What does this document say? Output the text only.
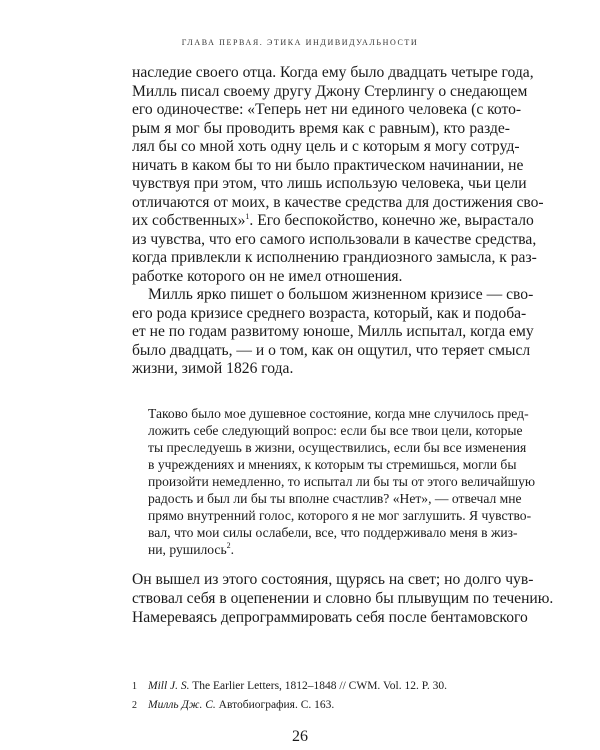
ГЛАВА ПЕРВАЯ. ЭТИКА ИНДИВИДУАЛЬНОСТИ
наследие своего отца. Когда ему было двадцать четыре года,
Милль писал своему другу Джону Стерлингу о снедающем
его одиночестве: «Теперь нет ни единого человека (с кото-
рым я мог бы проводить время как с равным), кто разде-
лял бы со мной хоть одну цель и с которым я могу сотруд-
ничать в каком бы то ни было практическом начинании, не
чувствуя при этом, что лишь использую человека, чьи цели
отличаются от моих, в качестве средства для достижения сво-
их собственных»$^1$. Его беспокойство, конечно же, вырастало
из чувства, что его самого использовали в качестве средства,
когда привлекли к исполнению грандиозного замысла, к раз-
работке которого он не имел отношения.
Милль ярко пишет о большом жизненном кризисе — сво-
его рода кризисе среднего возраста, который, как и подоба-
ет не по годам развитому юноше, Милль испытал, когда ему
было двадцать, — и о том, как он ощутил, что теряет смысл
жизни, зимой 1826 года.
Таково было мое душевное состояние, когда мне случилось пред-
ложить себе следующий вопрос: если бы все твои цели, которые
ты преследуешь в жизни, осуществились, если бы все изменения
в учреждениях и мнениях, к которым ты стремишься, могли бы
произойти немедленно, то испытал ли бы ты от этого величайшую
радость и был ли бы ты вполне счастлив? «Нет», — отвечал мне
прямо внутренний голос, которого я не мог заглушить. Я чувство-
вал, что мои силы ослабели, все, что поддерживало меня в жиз-
ни, рушилось$^2$.
Он вышел из этого состояния, щурясь на свет; но долго чув-
ствовал себя в оцепенении и словно бы плывущим по течению.
Намереваясь депрограммировать себя после бентамовского
1 Mill J. S. The Earlier Letters, 1812–1848 // CWM. Vol. 12. P. 30.
2 Милль Дж. С. Автобиография. С. 163.
26
